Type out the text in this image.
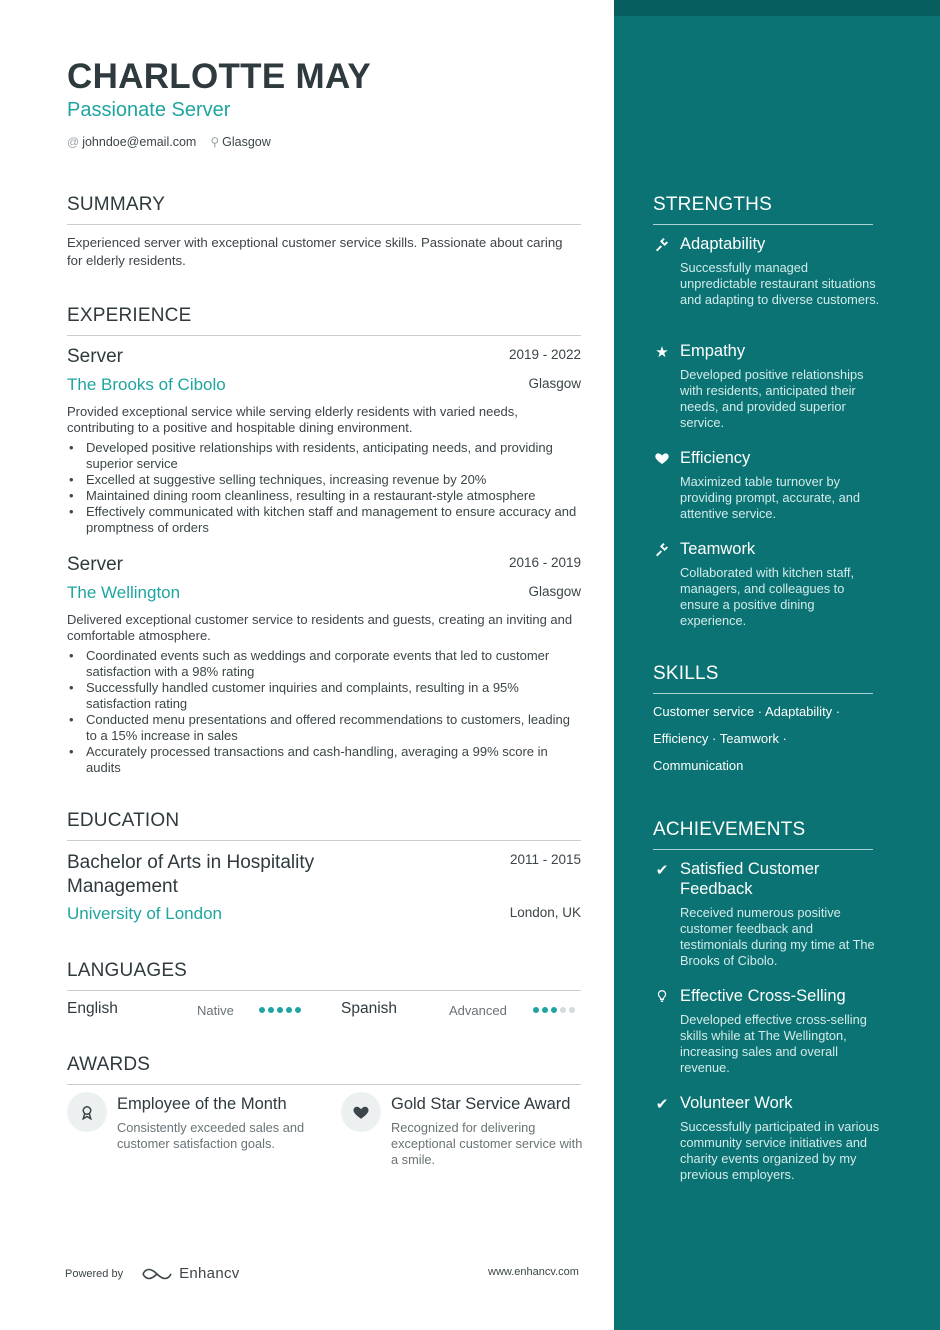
CHARLOTTE MAY
Passionate Server
@ johndoe@email.com ⚲ Glasgow
SUMMARY
Experienced server with exceptional customer service skills. Passionate about caring for elderly residents.
EXPERIENCE
Server	2019 - 2022
The Brooks of Cibolo	Glasgow
Provided exceptional service while serving elderly residents with varied needs, contributing to a positive and hospitable dining environment.
• Developed positive relationships with residents, anticipating needs, and providing superior service
• Excelled at suggestive selling techniques, increasing revenue by 20%
• Maintained dining room cleanliness, resulting in a restaurant-style atmosphere
• Effectively communicated with kitchen staff and management to ensure accuracy and promptness of orders
Server	2016 - 2019
The Wellington	Glasgow
Delivered exceptional customer service to residents and guests, creating an inviting and comfortable atmosphere.
• Coordinated events such as weddings and corporate events that led to customer satisfaction with a 98% rating
• Successfully handled customer inquiries and complaints, resulting in a 95% satisfaction rating
• Conducted menu presentations and offered recommendations to customers, leading to a 15% increase in sales
• Accurately processed transactions and cash-handling, averaging a 99% score in audits
EDUCATION
Bachelor of Arts in Hospitality Management
2011 - 2015
University of London	London, UK
LANGUAGES
English	Native	Spanish	Advanced
AWARDS
Employee of the Month
Consistently exceeded sales and customer satisfaction goals.
Gold Star Service Award
Recognized for delivering exceptional customer service with a smile.
Powered by	Enhancv	www.enhancv.com
STRENGTHS
Adaptability
Successfully managed unpredictable restaurant situations and adapting to diverse customers.
★ Empathy
Developed positive relationships with residents, anticipated their needs, and provided superior service.
Efficiency
Maximized table turnover by providing prompt, accurate, and attentive service.
Teamwork
Collaborated with kitchen staff, managers, and colleagues to ensure a positive dining experience.
SKILLS
Customer service · Adaptability ·
Efficiency · Teamwork ·
Communication
ACHIEVEMENTS
✔ Satisfied Customer Feedback
Received numerous positive customer feedback and testimonials during my time at The Brooks of Cibolo.
Effective Cross-Selling
Developed effective cross-selling skills while at The Wellington, increasing sales and overall revenue.
✔ Volunteer Work
Successfully participated in various community service initiatives and charity events organized by my previous employers.
